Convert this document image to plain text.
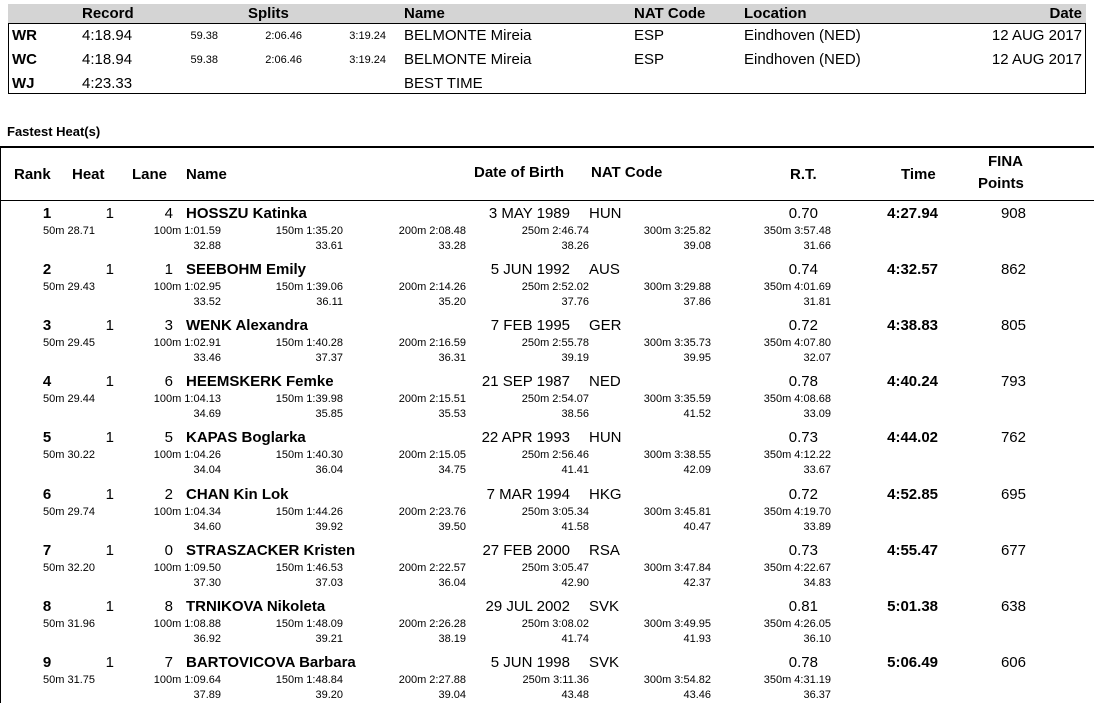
Record	Splits	Name	NAT Code	Location	Date
WR	4:18.94	59.38	2:06.46	3:19.24 BELMONTE Mireia	ESP	Eindhoven (NED)	12 AUG 2017
WC	4:18.94	59.38	2:06.46	3:19.24 BELMONTE Mireia	ESP	Eindhoven (NED)	12 AUG 2017
WJ	4:23.33	BEST TIME
Fastest Heat(s)
Rank Heat Lane Name	Date of Birth NAT Code	R.T.	Time
FINA
Points
1	1	4 HOSSZU Katinka	3 MAY 1989 HUN	0.70	4:27.94	908
50m 28.71	100m 1:01.59	150m 1:35.20	200m 2:08.48	250m 2:46.74	300m 3:25.82	350m 3:57.48
32.88	33.61	33.28	38.26	39.08	31.66
2	1	1 SEEBOHM Emily	5 JUN 1992 AUS	0.74	4:32.57	862
50m 29.43	100m 1:02.95	150m 1:39.06	200m 2:14.26	250m 2:52.02	300m 3:29.88	350m 4:01.69
33.52	36.11	35.20	37.76	37.86	31.81
3	1	3 WENK Alexandra	7 FEB 1995 GER	0.72	4:38.83	805
50m 29.45	100m 1:02.91	150m 1:40.28	200m 2:16.59	250m 2:55.78	300m 3:35.73	350m 4:07.80
33.46	37.37	36.31	39.19	39.95	32.07
4	1	6 HEEMSKERK Femke	21 SEP 1987 NED	0.78	4:40.24	793
50m 29.44	100m 1:04.13	150m 1:39.98	200m 2:15.51	250m 2:54.07	300m 3:35.59	350m 4:08.68
34.69	35.85	35.53	38.56	41.52	33.09
5	1	5 KAPAS Boglarka	22 APR 1993 HUN	0.73	4:44.02	762
50m 30.22	100m 1:04.26	150m 1:40.30	200m 2:15.05	250m 2:56.46	300m 3:38.55	350m 4:12.22
34.04	36.04	34.75	41.41	42.09	33.67
6	1	2 CHAN Kin Lok	7 MAR 1994 HKG	0.72	4:52.85	695
50m 29.74	100m 1:04.34	150m 1:44.26	200m 2:23.76	250m 3:05.34	300m 3:45.81	350m 4:19.70
34.60	39.92	39.50	41.58	40.47	33.89
7	1	0 STRASZACKER Kristen	27 FEB 2000 RSA	0.73	4:55.47	677
50m 32.20	100m 1:09.50	150m 1:46.53	200m 2:22.57	250m 3:05.47	300m 3:47.84	350m 4:22.67
37.30	37.03	36.04	42.90	42.37	34.83
8	1	8 TRNIKOVA Nikoleta	29 JUL 2002 SVK	0.81	5:01.38	638
50m 31.96	100m 1:08.88	150m 1:48.09	200m 2:26.28	250m 3:08.02	300m 3:49.95	350m 4:26.05
36.92	39.21	38.19	41.74	41.93	36.10
9	1	7 BARTOVICOVA Barbara	5 JUN 1998 SVK	0.78	5:06.49	606
50m 31.75	100m 1:09.64	150m 1:48.84	200m 2:27.88	250m 3:11.36	300m 3:54.82	350m 4:31.19
37.89	39.20	39.04	43.48	43.46	36.37
